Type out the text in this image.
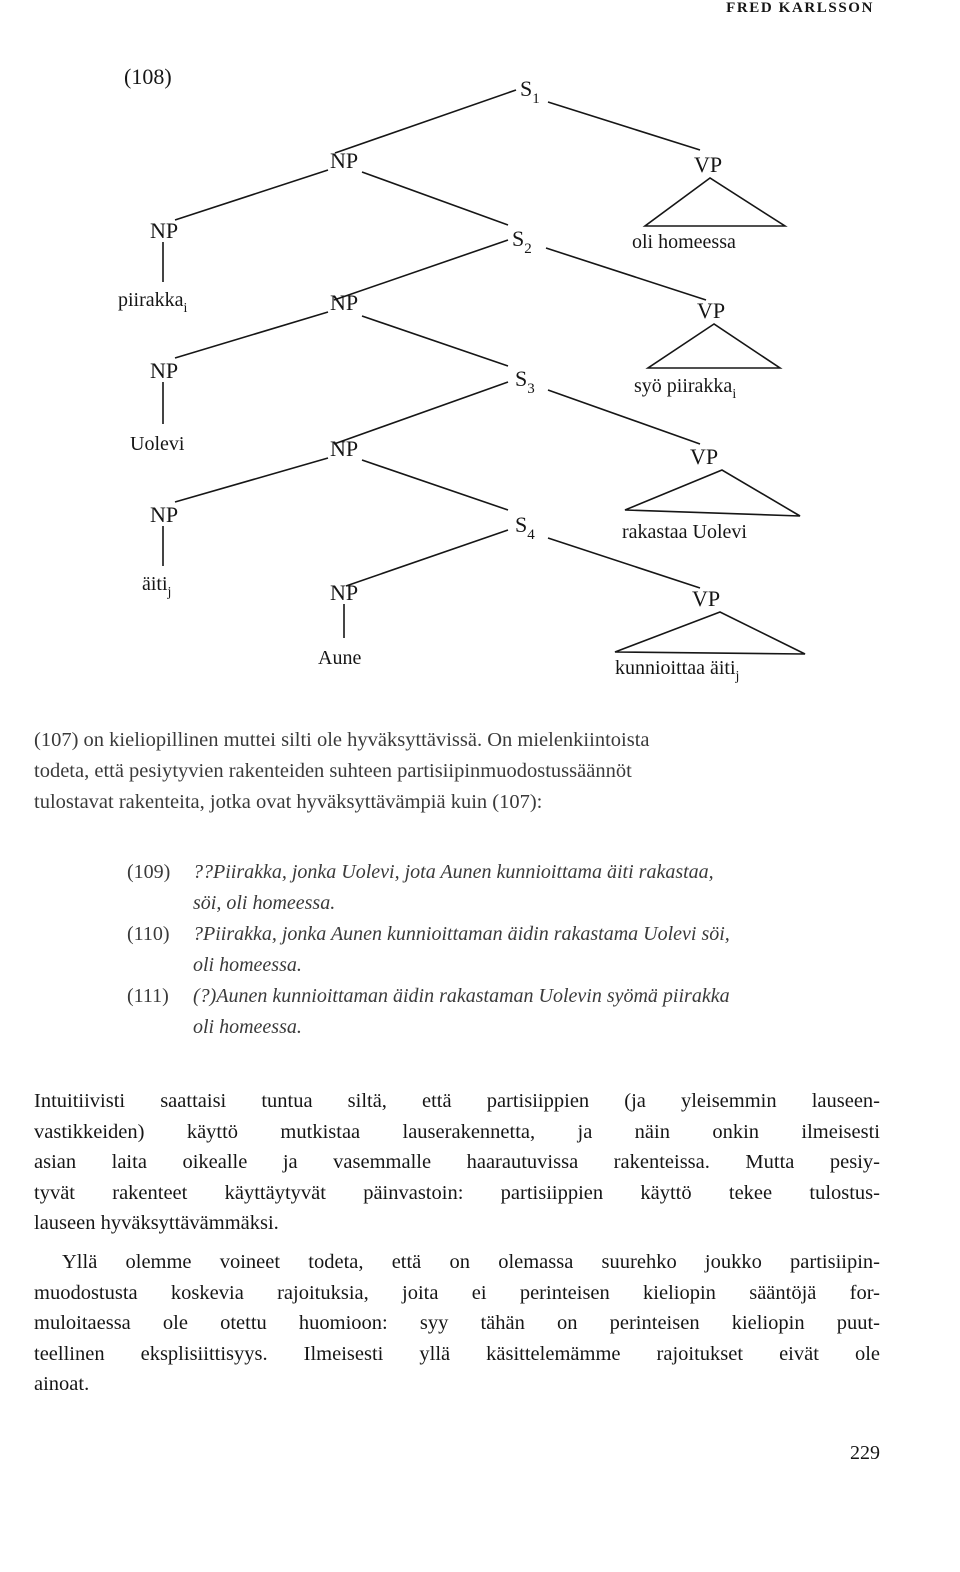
FRED KARLSSON
(108)	$S_1$
NP	VP
oli homeessa
NP
piirakka$_i$
$S_2$
NP	VP
syö piirakka$_i$
NP
Uolevi
$S_3$
NP	VP
rakastaa Uolevi
NP
äiti$_j$
$S_4$
NP
Aune
VP
kunnioittaa äiti$_j$
(107) on kieliopillinen muttei silti ole hyväksyttävissä. On mielenkiintoista
todeta, että pesiytyvien rakenteiden suhteen partisiipinmuodostussäännöt
tulostavat rakenteita, jotka ovat hyväksyttävämpiä kuin (107):
(109) ??Piirakka, jonka Uolevi, jota Aunen kunnioittama äiti rakastaa,
söi, oli homeessa.
(110) ?Piirakka, jonka Aunen kunnioittaman äidin rakastama Uolevi söi,
oli homeessa.
(111) (?)Aunen kunnioittaman äidin rakastaman Uolevin syömä piirakka
oli homeessa.
Intuitiivisti saattaisi tuntua siltä, että partisiippien (ja yleisemmin lauseen-
vastikkeiden) käyttö mutkistaa lauserakennetta, ja näin onkin ilmeisesti
asian laita oikealle ja vasemmalle haarautuvissa rakenteissa. Mutta pesiy-
tyvät rakenteet käyttäytyvät päinvastoin: partisiippien käyttö tekee tulostus-
lauseen hyväksyttävämmäksi.
Yllä olemme voineet todeta, että on olemassa suurehko joukko partisiipin-
muodostusta koskevia rajoituksia, joita ei perinteisen kieliopin sääntöjä for-
muloitaessa ole otettu huomioon: syy tähän on perinteisen kieliopin puut-
teellinen eksplisiittisyys. Ilmeisesti yllä käsittelemämme rajoitukset eivät ole
ainoat.
229
